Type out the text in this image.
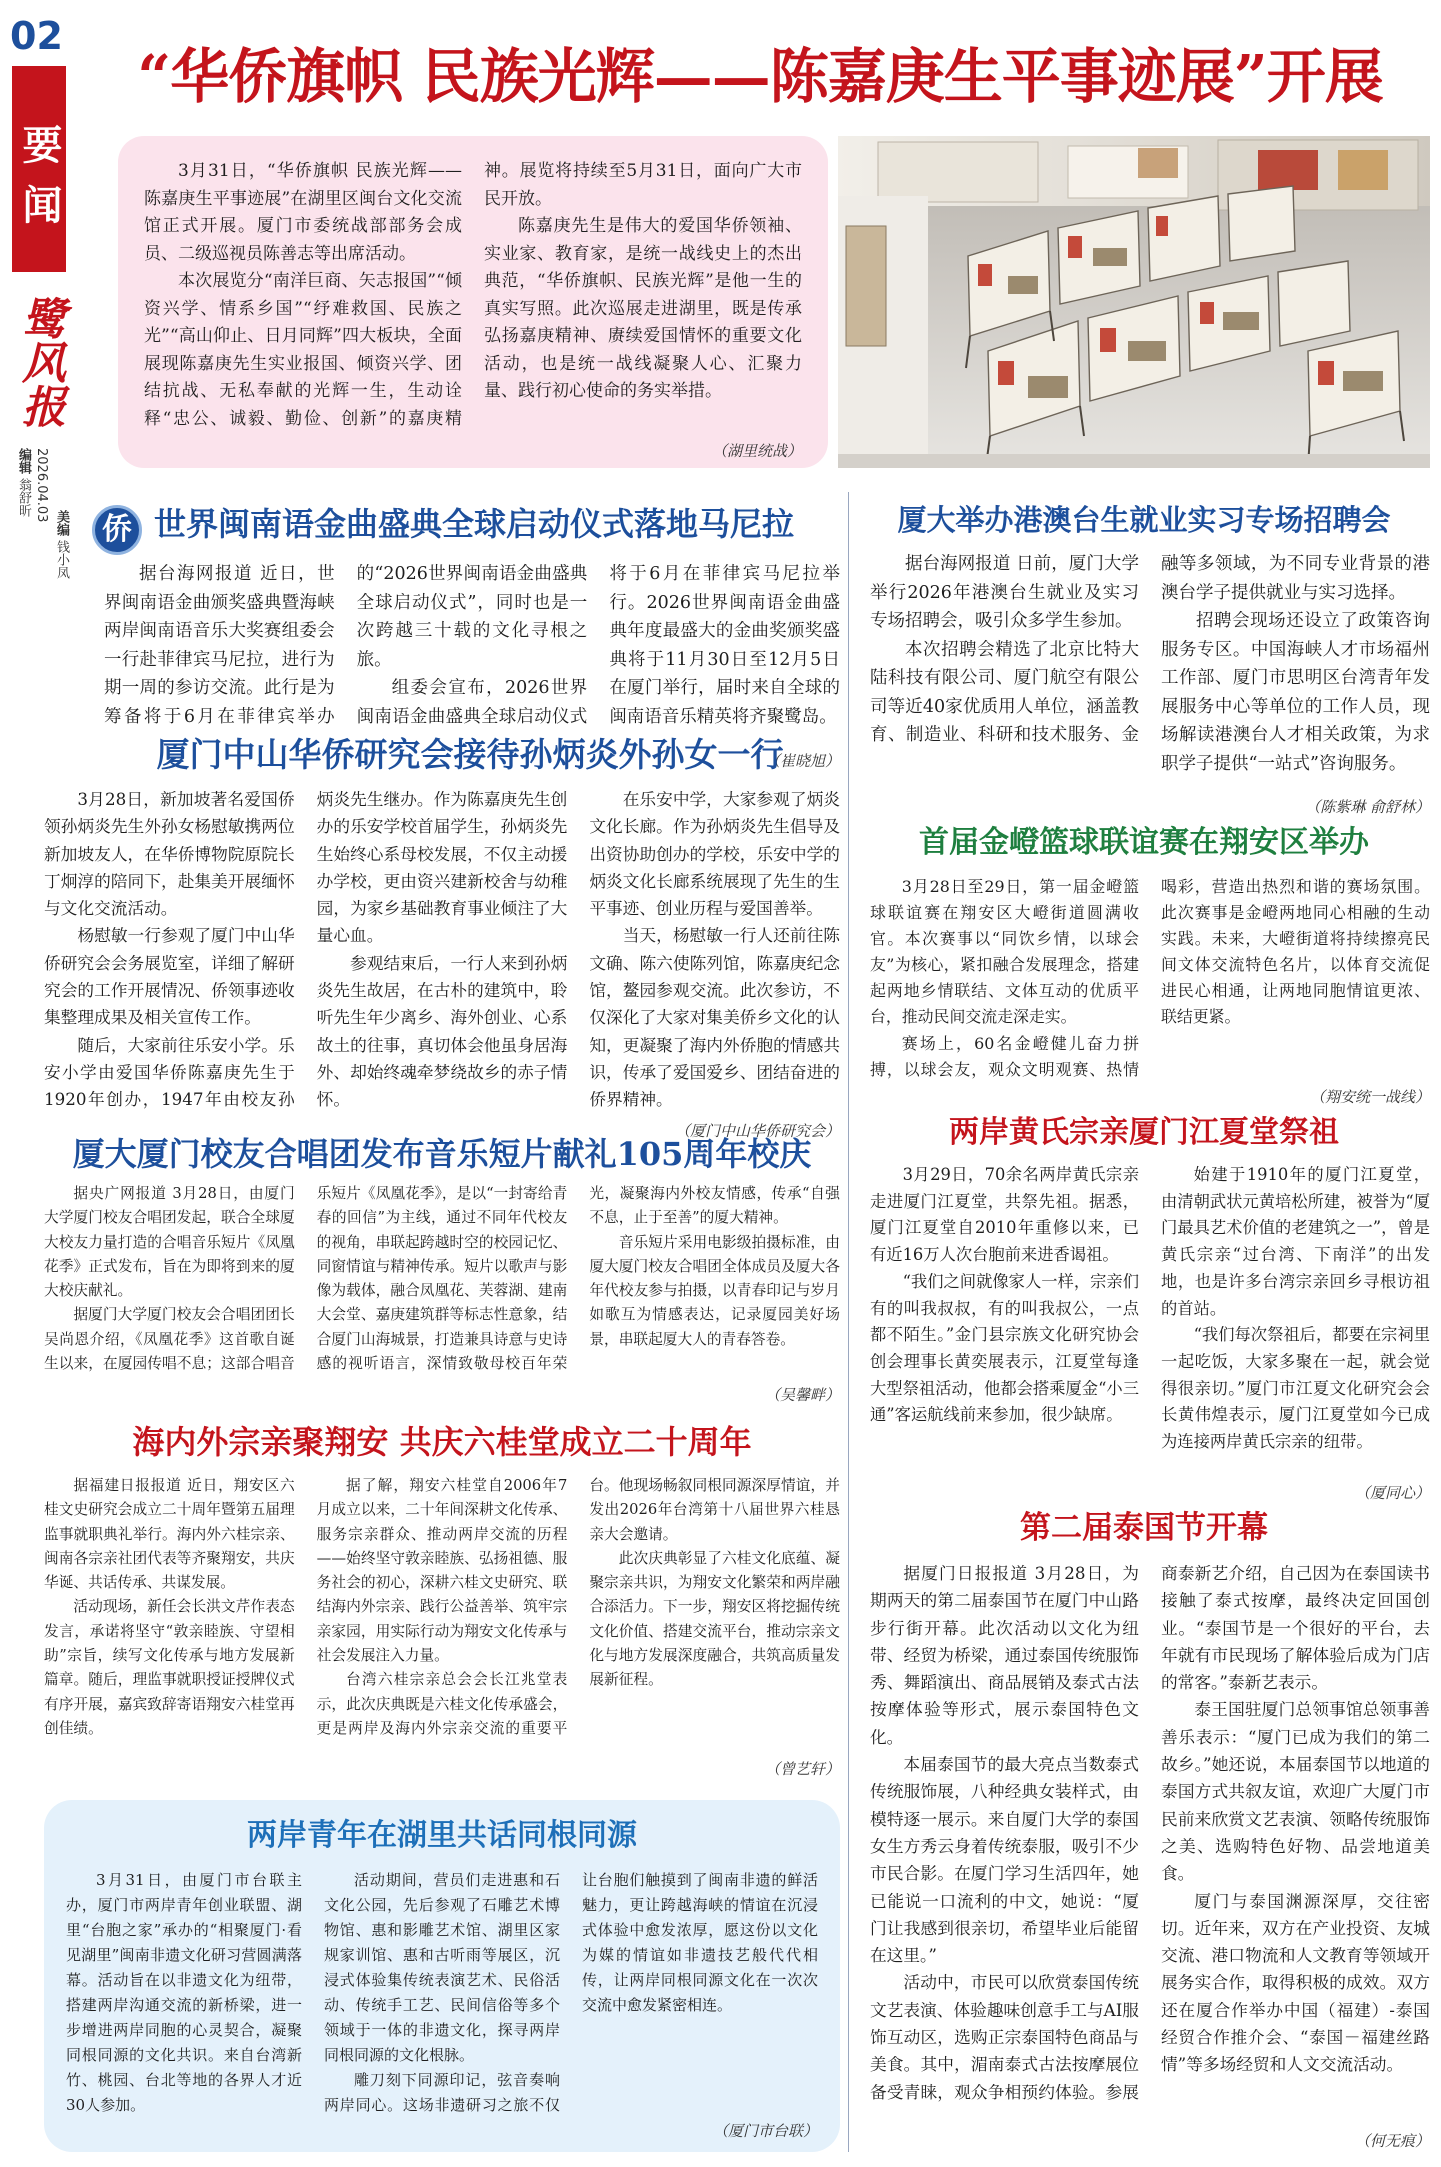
02
要闻
鹭风报
2026.04.03
编辑 翁舒昕
美编 钱小凤
“华侨旗帜 民族光辉——陈嘉庚生平事迹展”开展

3月31日，“华侨旗帜 民族光辉——陈嘉庚生平事迹展”在湖里区闽台文化交流馆正式开展。厦门市委统战部部务会成员、二级巡视员陈善志等出席活动。

本次展览分“南洋巨商、矢志报国”“倾资兴学、情系乡国”“纾难救国、民族之光”“高山仰止、日月同辉”四大板块，全面展现陈嘉庚先生实业报国、倾资兴学、团结抗战、无私奉献的光辉一生，生动诠释“忠公、诚毅、勤俭、创新”的嘉庚精神。展览将持续至5月31日，面向广大市民开放。

陈嘉庚先生是伟大的爱国华侨领袖、实业家、教育家，是统一战线史上的杰出典范，“华侨旗帜、民族光辉”是他一生的真实写照。此次巡展走进湖里，既是传承弘扬嘉庚精神、赓续爱国情怀的重要文化活动，也是统一战线凝聚人心、汇聚力量、践行初心使命的务实举措。

（湖里统战）
侨 世界闽南语金曲盛典全球启动仪式落地马尼拉

据台海网报道 近日，世界闽南语金曲颁奖盛典暨海峡两岸闽南语音乐大奖赛组委会一行赴菲律宾马尼拉，进行为期一周的参访交流。此行是为筹备将于6月在菲律宾举办的“2026世界闽南语金曲盛典全球启动仪式”，同时也是一次跨越三十载的文化寻根之旅。

组委会宣布，2026世界闽南语金曲盛典全球启动仪式将于6月在菲律宾马尼拉举行。2026世界闽南语金曲盛典年度最盛大的金曲奖颁奖盛典将于11月30日至12月5日在厦门举行，届时来自全球的闽南语音乐精英将齐聚鹭岛。

（崔晓旭）
厦门中山华侨研究会接待孙炳炎外孙女一行

3月28日，新加坡著名爱国侨领孙炳炎先生外孙女杨慰敏携两位新加坡友人，在华侨博物院原院长丁炯淳的陪同下，赴集美开展缅怀与文化交流活动。

杨慰敏一行参观了厦门中山华侨研究会会务展览室，详细了解研究会的工作开展情况、侨领事迹收集整理成果及相关宣传工作。

随后，大家前往乐安小学。乐安小学由爱国华侨陈嘉庚先生于1920年创办，1947年由校友孙炳炎先生继办。作为陈嘉庚先生创办的乐安学校首届学生，孙炳炎先生始终心系母校发展，不仅主动援办学校，更由资兴建新校舍与幼稚园，为家乡基础教育事业倾注了大量心血。

参观结束后，一行人来到孙炳炎先生故居，在古朴的建筑中，聆听先生年少离乡、海外创业、心系故土的往事，真切体会他虽身居海外、却始终魂牵梦绕故乡的赤子情怀。

在乐安中学，大家参观了炳炎文化长廊。作为孙炳炎先生倡导及出资协助创办的学校，乐安中学的炳炎文化长廊系统展现了先生的生平事迹、创业历程与爱国善举。

当天，杨慰敏一行人还前往陈文确、陈六使陈列馆，陈嘉庚纪念馆，鳌园参观交流。此次参访，不仅深化了大家对集美侨乡文化的认知，更凝聚了海内外侨胞的情感共识，传承了爱国爱乡、团结奋进的侨界精神。

（厦门中山华侨研究会）
厦大厦门校友合唱团发布音乐短片献礼105周年校庆

据央广网报道 3月28日，由厦门大学厦门校友合唱团发起，联合全球厦大校友力量打造的合唱音乐短片《凤凰花季》正式发布，旨在为即将到来的厦大校庆献礼。

据厦门大学厦门校友会合唱团团长吴尚恩介绍，《凤凰花季》这首歌自诞生以来，在厦园传唱不息；这部合唱音乐短片《凤凰花季》，是以“一封寄给青春的回信”为主线，通过不同年代校友的视角，串联起跨越时空的校园记忆、同窗情谊与精神传承。短片以歌声与影像为载体，融合凤凰花、芙蓉湖、建南大会堂、嘉庚建筑群等标志性意象，结合厦门山海城景，打造兼具诗意与史诗感的视听语言，深情致敬母校百年荣光，凝聚海内外校友情感，传承“自强不息，止于至善”的厦大精神。

音乐短片采用电影级拍摄标准，由厦大厦门校友合唱团全体成员及厦大各年代校友参与拍摄，以青春印记与岁月如歌互为情感表达，记录厦园美好场景，串联起厦大人的青春答卷。

（吴馨畔）
海内外宗亲聚翔安 共庆六桂堂成立二十周年

据福建日报报道 近日，翔安区六桂文史研究会成立二十周年暨第五届理监事就职典礼举行。海内外六桂宗亲、闽南各宗亲社团代表等齐聚翔安，共庆华诞、共话传承、共谋发展。

活动现场，新任会长洪文芹作表态发言，承诺将坚守“敦亲睦族、守望相助”宗旨，续写文化传承与地方发展新篇章。随后，理监事就职授证授牌仪式有序开展，嘉宾致辞寄语翔安六桂堂再创佳绩。

据了解，翔安六桂堂自2006年7月成立以来，二十年间深耕文化传承、服务宗亲群众、推动两岸交流的历程——始终坚守敦亲睦族、弘扬祖德、服务社会的初心，深耕六桂文史研究、联结海内外宗亲、践行公益善举、筑牢宗亲家园，用实际行动为翔安文化传承与社会发展注入力量。

台湾六桂宗亲总会会长江兆堂表示，此次庆典既是六桂文化传承盛会，更是两岸及海内外宗亲交流的重要平台。他现场畅叙同根同源深厚情谊，并发出2026年台湾第十八届世界六桂恳亲大会邀请。

此次庆典彰显了六桂文化底蕴、凝聚宗亲共识，为翔安文化繁荣和两岸融合添活力。下一步，翔安区将挖掘传统文化价值、搭建交流平台，推动宗亲文化与地方发展深度融合，共筑高质量发展新征程。

（曾艺轩）
两岸青年在湖里共话同根同源

3月31日，由厦门市台联主办，厦门市两岸青年创业联盟、湖里“台胞之家”承办的“相聚厦门·看见湖里”闽南非遗文化研习营圆满落幕。活动旨在以非遗文化为纽带，搭建两岸沟通交流的新桥梁，进一步增进两岸同胞的心灵契合，凝聚同根同源的文化共识。来自台湾新竹、桃园、台北等地的各界人才近30人参加。

活动期间，营员们走进惠和石文化公园，先后参观了石雕艺术博物馆、惠和影雕艺术馆、湖里区家规家训馆、惠和古听雨等展区，沉浸式体验集传统表演艺术、民俗活动、传统手工艺、民间信俗等多个领域于一体的非遗文化，探寻两岸同根同源的文化根脉。

雕刀刻下同源印记，弦音奏响两岸同心。这场非遗研习之旅不仅让台胞们触摸到了闽南非遗的鲜活魅力，更让跨越海峡的情谊在沉浸式体验中愈发浓厚，愿这份以文化为媒的情谊如非遗技艺般代代相传，让两岸同根同源文化在一次次交流中愈发紧密相连。

（厦门市台联）
厦大举办港澳台生就业实习专场招聘会

据台海网报道 日前，厦门大学举行2026年港澳台生就业及实习专场招聘会，吸引众多学生参加。

本次招聘会精选了北京比特大陆科技有限公司、厦门航空有限公司等近40家优质用人单位，涵盖教育、制造业、科研和技术服务、金融等多领域，为不同专业背景的港澳台学子提供就业与实习选择。

招聘会现场还设立了政策咨询服务专区。中国海峡人才市场福州工作部、厦门市思明区台湾青年发展服务中心等单位的工作人员，现场解读港澳台人才相关政策，为求职学子提供“一站式”咨询服务。

（陈紫琳 俞舒林）
首届金嶝篮球联谊赛在翔安区举办

3月28日至29日，第一届金嶝篮球联谊赛在翔安区大嶝街道圆满收官。本次赛事以“同饮乡情，以球会友”为核心，紧扣融合发展理念，搭建起两地乡情联结、文体互动的优质平台，推动民间交流走深走实。

赛场上，60名金嶝健儿奋力拼搏，以球会友，观众文明观赛、热情喝彩，营造出热烈和谐的赛场氛围。此次赛事是金嶝两地同心相融的生动实践。未来，大嶝街道将持续擦亮民间文体交流特色名片，以体育交流促进民心相通，让两地同胞情谊更浓、联结更紧。

（翔安统一战线）
两岸黄氏宗亲厦门江夏堂祭祖

3月29日，70余名两岸黄氏宗亲走进厦门江夏堂，共祭先祖。据悉，厦门江夏堂自2010年重修以来，已有近16万人次台胞前来进香谒祖。

“我们之间就像家人一样，宗亲们有的叫我叔叔，有的叫我叔公，一点都不陌生。”金门县宗族文化研究协会创会理事长黄奕展表示，江夏堂每逢大型祭祖活动，他都会搭乘厦金“小三通”客运航线前来参加，很少缺席。

始建于1910年的厦门江夏堂，由清朝武状元黄培松所建，被誉为“厦门最具艺术价值的老建筑之一”，曾是黄氏宗亲“过台湾、下南洋”的出发地，也是许多台湾宗亲回乡寻根访祖的首站。

“我们每次祭祖后，都要在宗祠里一起吃饭，大家多聚在一起，就会觉得很亲切。”厦门市江夏文化研究会会长黄伟煌表示，厦门江夏堂如今已成为连接两岸黄氏宗亲的纽带。

（厦同心）
第二届泰国节开幕

据厦门日报报道 3月28日，为期两天的第二届泰国节在厦门中山路步行街开幕。此次活动以文化为纽带、经贸为桥梁，通过泰国传统服饰秀、舞蹈演出、商品展销及泰式古法按摩体验等形式，展示泰国特色文化。

本届泰国节的最大亮点当数泰式传统服饰展，八种经典女装样式，由模特逐一展示。来自厦门大学的泰国女生方秀云身着传统泰服，吸引不少市民合影。在厦门学习生活四年，她已能说一口流利的中文，她说：“厦门让我感到很亲切，希望毕业后能留在这里。”

活动中，市民可以欣赏泰国传统文艺表演、体验趣味创意手工与AI服饰互动区，选购正宗泰国特色商品与美食。其中，湄南泰式古法按摩展位备受青睐，观众争相预约体验。参展商泰新艺介绍，自己因为在泰国读书接触了泰式按摩，最终决定回国创业。“泰国节是一个很好的平台，去年就有市民现场了解体验后成为门店的常客。”泰新艺表示。

泰王国驻厦门总领事馆总领事善善乐表示：“厦门已成为我们的第二故乡。”她还说，本届泰国节以地道的泰国方式共叙友谊，欢迎广大厦门市民前来欣赏文艺表演、领略传统服饰之美、选购特色好物、品尝地道美食。

厦门与泰国渊源深厚，交往密切。近年来，双方在产业投资、友城交流、港口物流和人文教育等领域开展务实合作，取得积极的成效。双方还在厦合作举办中国（福建）-泰国经贸合作推介会、“泰国－福建丝路情”等多场经贸和人文交流活动。

（何无痕）
